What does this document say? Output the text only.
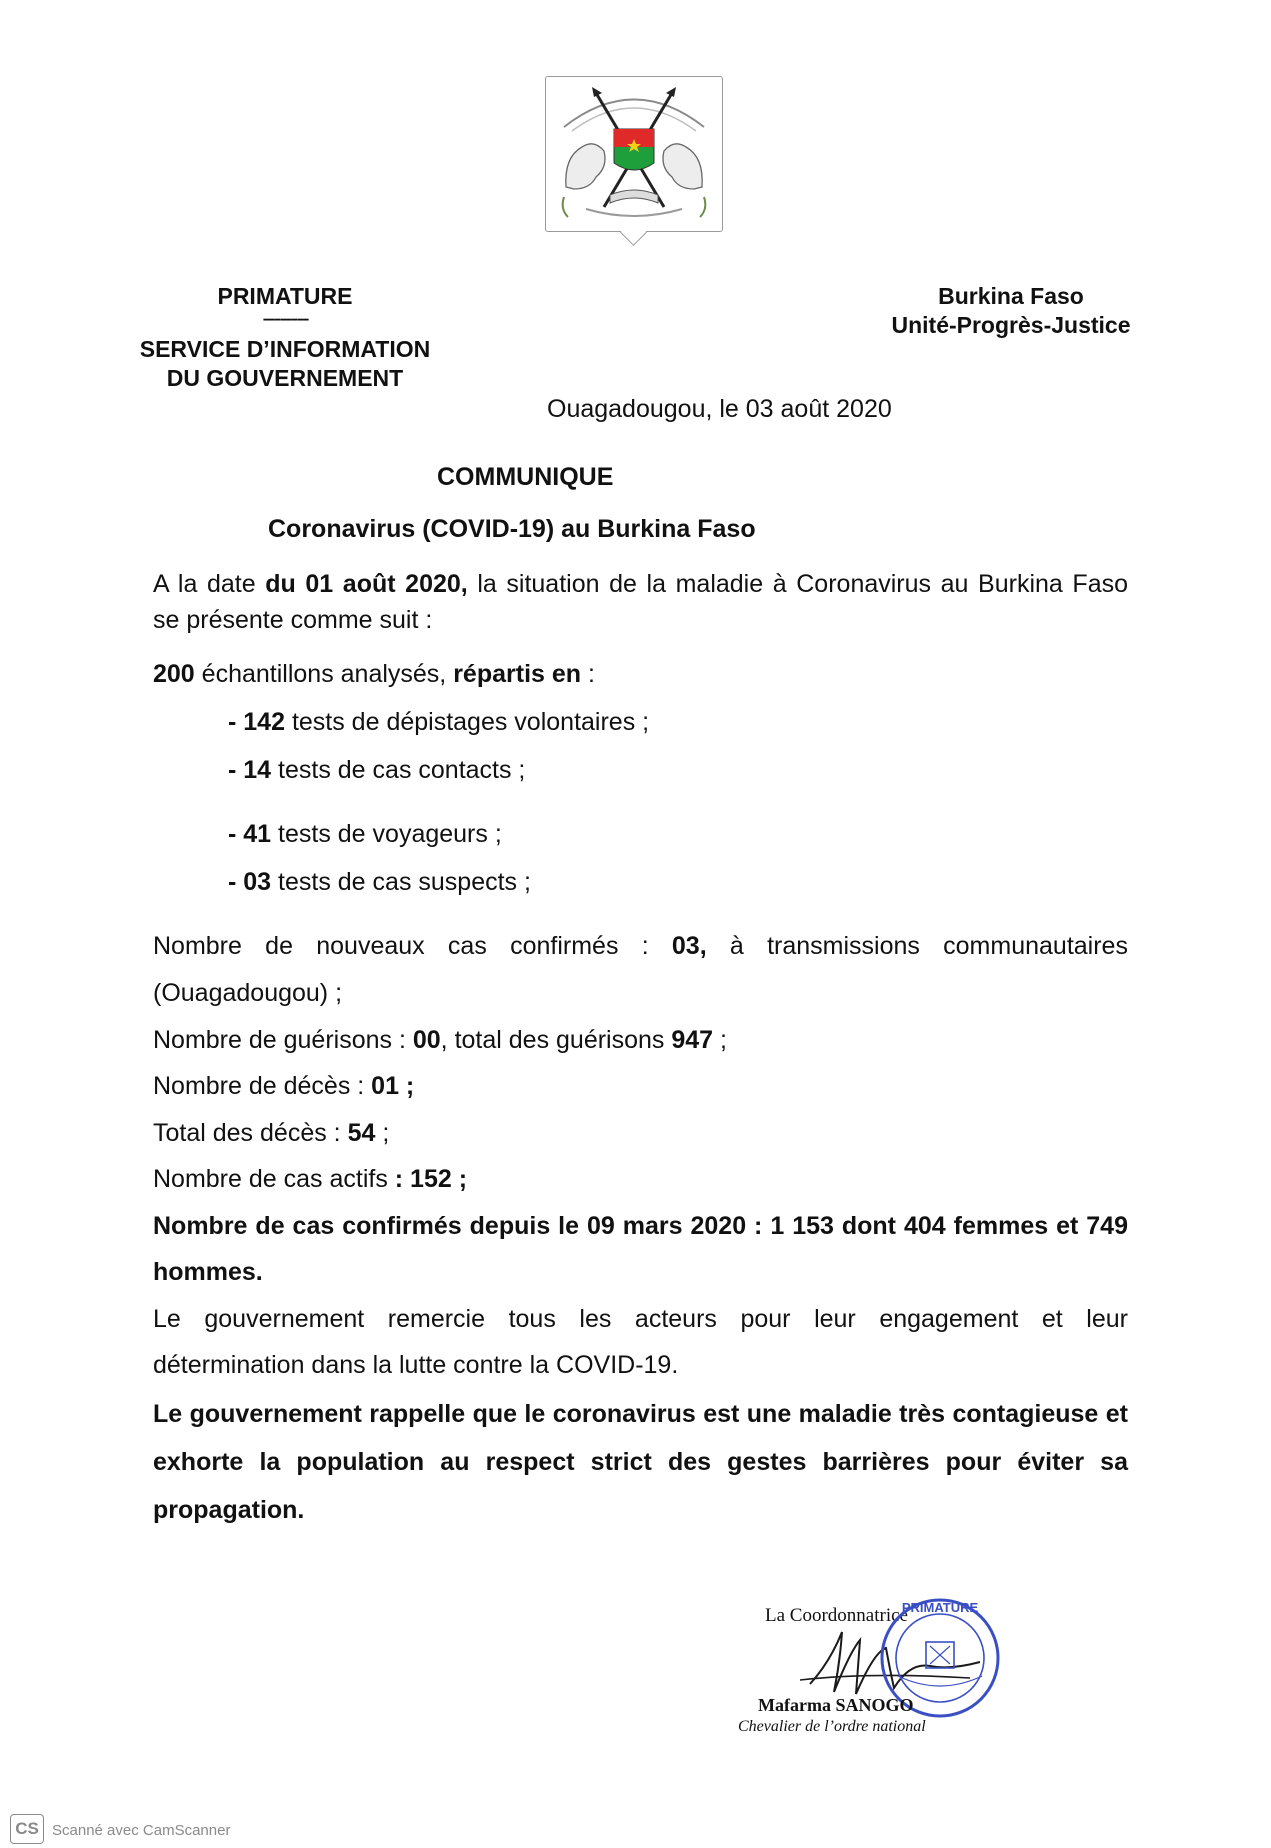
PRIMATURE
--------
SERVICE D’INFORMATION
DU GOUVERNEMENT
Burkina Faso
Unité-Progrès-Justice
Ouagadougou, le 03 août 2020
COMMUNIQUE
Coronavirus (COVID-19) au Burkina Faso
A la date du 01 août 2020, la situation de la maladie à Coronavirus au Burkina Faso
se présente comme suit :
200 échantillons analysés, répartis en :
- 142 tests de dépistages volontaires ;
- 14 tests de cas contacts ;
- 41 tests de voyageurs ;
- 03 tests de cas suspects ;
Nombre de nouveaux cas confirmés : 03, à transmissions communautaires
(Ouagadougou) ;
Nombre de guérisons : 00, total des guérisons 947 ;
Nombre de décès : 01 ;
Total des décès : 54 ;
Nombre de cas actifs : 152 ;
Nombre de cas confirmés depuis le 09 mars 2020 : 1 153 dont 404 femmes et 749
hommes.
Le gouvernement remercie tous les acteurs pour leur engagement et leur
détermination dans la lutte contre la COVID-19.
Le gouvernement rappelle que le coronavirus est une maladie très contagieuse et
exhorte la population au respect strict des gestes barrières pour éviter sa
propagation.
La Coordonnatrice
PRIMATURE
Mafarma SANOGO
Chevalier de l’ordre national
CS Scanné avec CamScanner
